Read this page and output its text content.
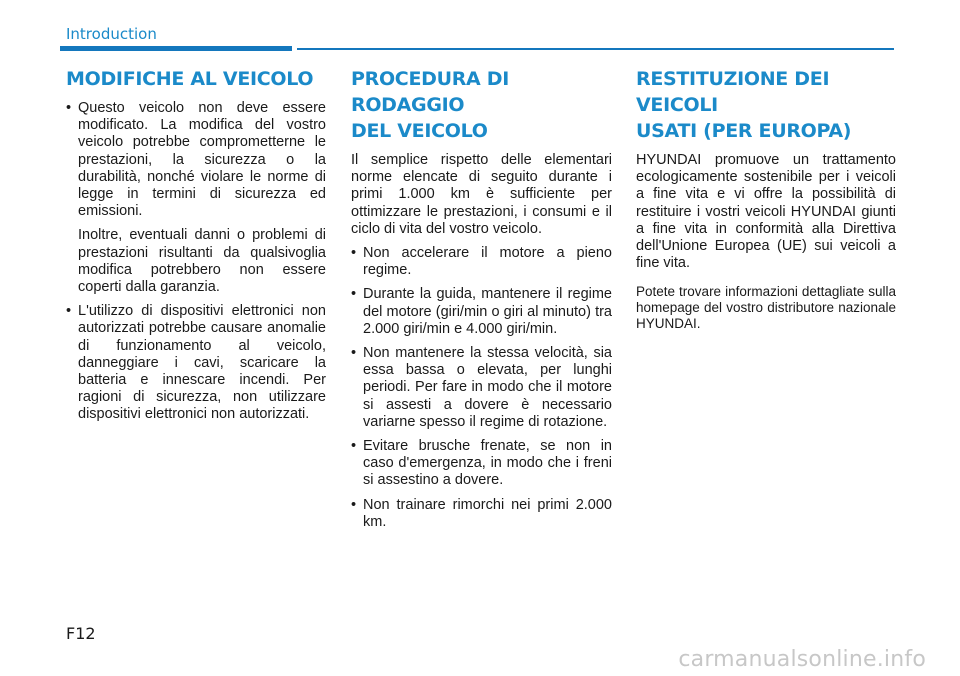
Introduction
MODIFICHE AL VEICOLO
• Questo veicolo non deve essere modificato. La modifica del vostro veicolo potrebbe comprometterne le prestazioni, la sicurezza o la durabilità, nonché violare le norme di legge in termini di sicurezza ed emissioni.

Inoltre, eventuali danni o problemi di prestazioni risultanti da qualsivoglia modifica potrebbero non essere coperti dalla garanzia.

• L'utilizzo di dispositivi elettronici non autorizzati potrebbe causare anomalie di funzionamento al veicolo, danneggiare i cavi, scaricare la batteria e innescare incendi. Per ragioni di sicurezza, non utilizzare dispositivi elettronici non autorizzati.
PROCEDURA DI RODAGGIO
DEL VEICOLO

Il semplice rispetto delle elementari norme elencate di seguito durante i primi 1.000 km è sufficiente per ottimizzare le prestazioni, i consumi e il ciclo di vita del vostro veicolo.

• Non accelerare il motore a pieno regime.
• Durante la guida, mantenere il regime del motore (giri/min o giri al minuto) tra 2.000 giri/min e 4.000 giri/min.
• Non mantenere la stessa velocità, sia essa bassa o elevata, per lunghi periodi. Per fare in modo che il motore si assesti a dovere è necessario variarne spesso il regime di rotazione.
• Evitare brusche frenate, se non in caso d'emergenza, in modo che i freni si assestino a dovere.
• Non trainare rimorchi nei primi 2.000 km.
RESTITUZIONE DEI VEICOLI
USATI (PER EUROPA)

HYUNDAI promuove un trattamento ecologicamente sostenibile per i veicoli a fine vita e vi offre la possibilità di restituire i vostri veicoli HYUNDAI giunti a fine vita in conformità alla Direttiva dell'Unione Europea (UE) sui veicoli a fine vita.

Potete trovare informazioni dettagliate sulla homepage del vostro distributore nazionale HYUNDAI.

F12
carmanualsonline.info
